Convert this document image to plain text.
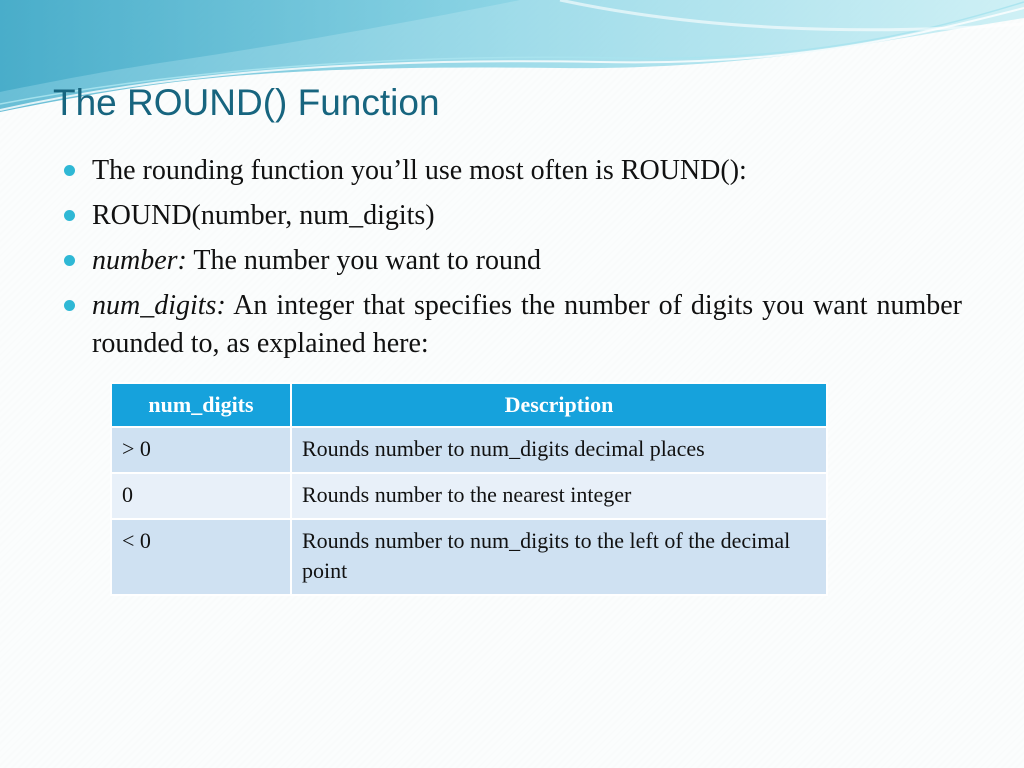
The ROUND() Function
The rounding function you’ll use most often is ROUND():
ROUND(number, num_digits)
number: The number you want to round
num_digits: An integer that specifies the number of digits you want number rounded to, as explained here:
num_digits	Description
> 0	Rounds number to num_digits decimal places
0	Rounds number to the nearest integer
< 0	Rounds number to num_digits to the left of the decimal point
